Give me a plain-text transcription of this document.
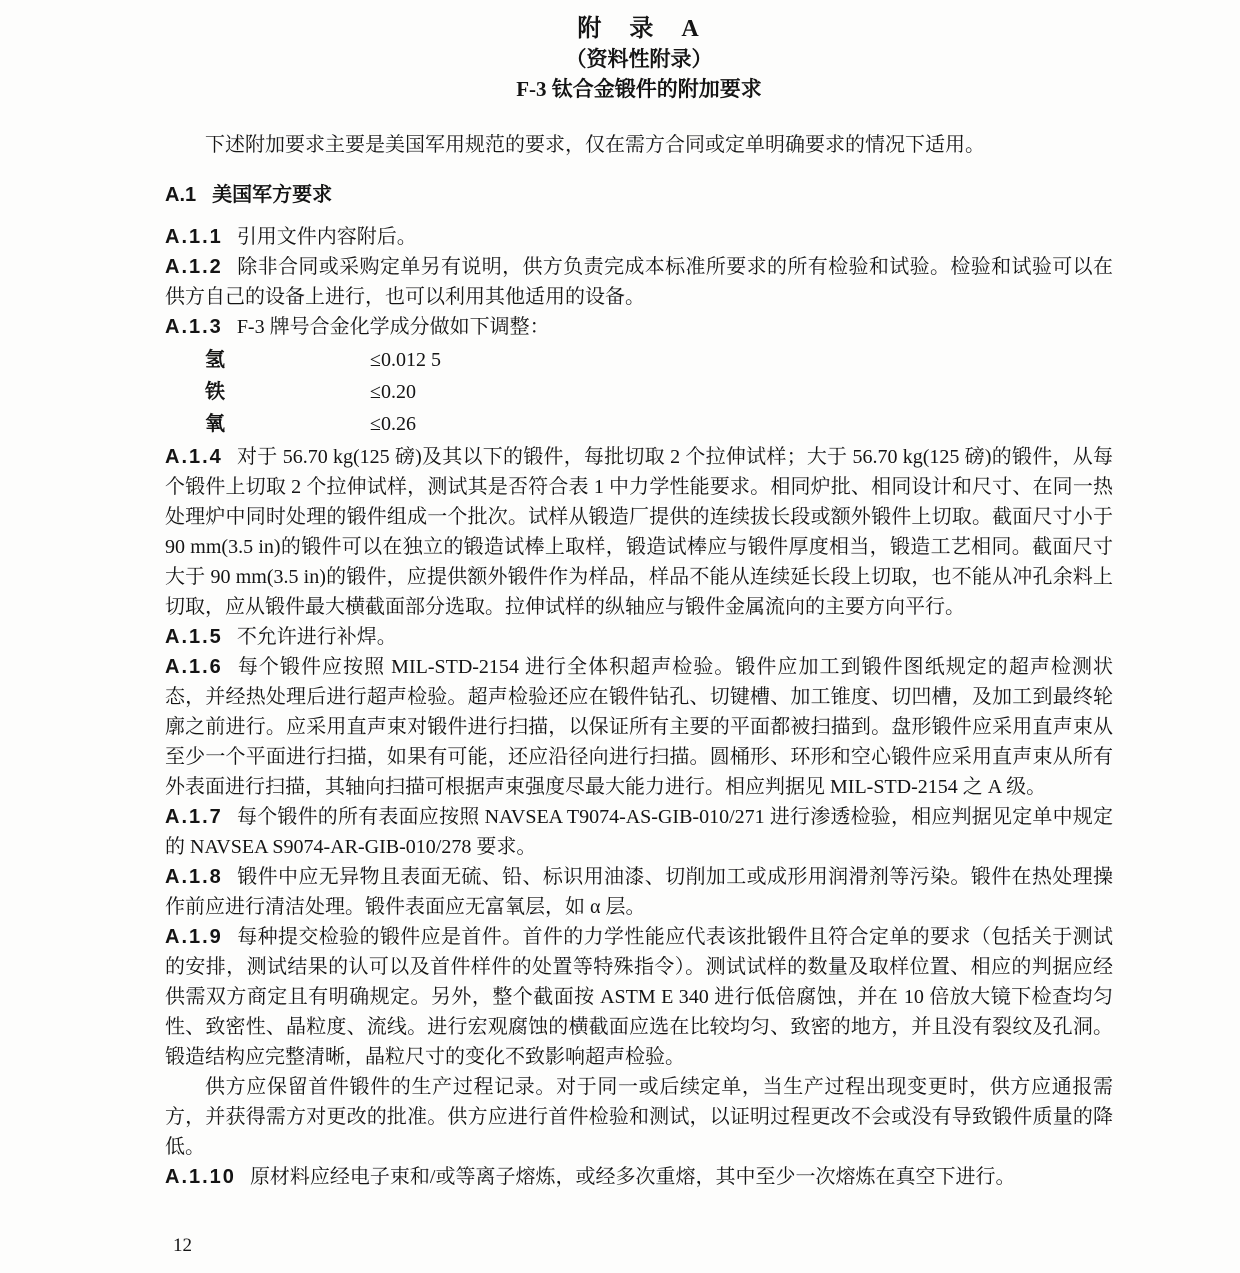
附　录　A
（资料性附录）
F-3 钛合金锻件的附加要求

下述附加要求主要是美国军用规范的要求，仅在需方合同或定单明确要求的情况下适用。

A.1 美国军方要求

A.1.1 引用文件内容附后。

A.1.2 除非合同或采购定单另有说明，供方负责完成本标准所要求的所有检验和试验。检验和试验可以在供方自己的设备上进行，也可以利用其他适用的设备。

A.1.3 F-3 牌号合金化学成分做如下调整：

氢	≤0.012 5
铁	≤0.20
氧	≤0.26

A.1.4 对于 56.70 kg(125 磅)及其以下的锻件，每批切取 2 个拉伸试样；大于 56.70 kg(125 磅)的锻件，从每个锻件上切取 2 个拉伸试样，测试其是否符合表 1 中力学性能要求。相同炉批、相同设计和尺寸、在同一热处理炉中同时处理的锻件组成一个批次。试样从锻造厂提供的连续拔长段或额外锻件上切取。截面尺寸小于 90 mm(3.5 in)的锻件可以在独立的锻造试棒上取样，锻造试棒应与锻件厚度相当，锻造工艺相同。截面尺寸大于 90 mm(3.5 in)的锻件，应提供额外锻件作为样品，样品不能从连续延长段上切取，也不能从冲孔余料上切取，应从锻件最大横截面部分选取。拉伸试样的纵轴应与锻件金属流向的主要方向平行。

A.1.5 不允许进行补焊。

A.1.6 每个锻件应按照 MIL-STD-2154 进行全体积超声检验。锻件应加工到锻件图纸规定的超声检测状态，并经热处理后进行超声检验。超声检验还应在锻件钻孔、切键槽、加工锥度、切凹槽，及加工到最终轮廓之前进行。应采用直声束对锻件进行扫描，以保证所有主要的平面都被扫描到。盘形锻件应采用直声束从至少一个平面进行扫描，如果有可能，还应沿径向进行扫描。圆桶形、环形和空心锻件应采用直声束从所有外表面进行扫描，其轴向扫描可根据声束强度尽最大能力进行。相应判据见 MIL-STD-2154 之 A 级。

A.1.7 每个锻件的所有表面应按照 NAVSEA T9074-AS-GIB-010/271 进行渗透检验，相应判据见定单中规定的 NAVSEA S9074-AR-GIB-010/278 要求。

A.1.8 锻件中应无异物且表面无硫、铅、标识用油漆、切削加工或成形用润滑剂等污染。锻件在热处理操作前应进行清洁处理。锻件表面应无富氧层，如 α 层。

A.1.9 每种提交检验的锻件应是首件。首件的力学性能应代表该批锻件且符合定单的要求（包括关于测试的安排，测试结果的认可以及首件样件的处置等特殊指令）。测试试样的数量及取样位置、相应的判据应经供需双方商定且有明确规定。另外，整个截面按 ASTM E 340 进行低倍腐蚀，并在 10 倍放大镜下检查均匀性、致密性、晶粒度、流线。进行宏观腐蚀的横截面应选在比较均匀、致密的地方，并且没有裂纹及孔洞。锻造结构应完整清晰，晶粒尺寸的变化不致影响超声检验。

供方应保留首件锻件的生产过程记录。对于同一或后续定单，当生产过程出现变更时，供方应通报需方，并获得需方对更改的批准。供方应进行首件检验和测试，以证明过程更改不会或没有导致锻件质量的降低。

A.1.10 原材料应经电子束和/或等离子熔炼，或经多次重熔，其中至少一次熔炼在真空下进行。

12
